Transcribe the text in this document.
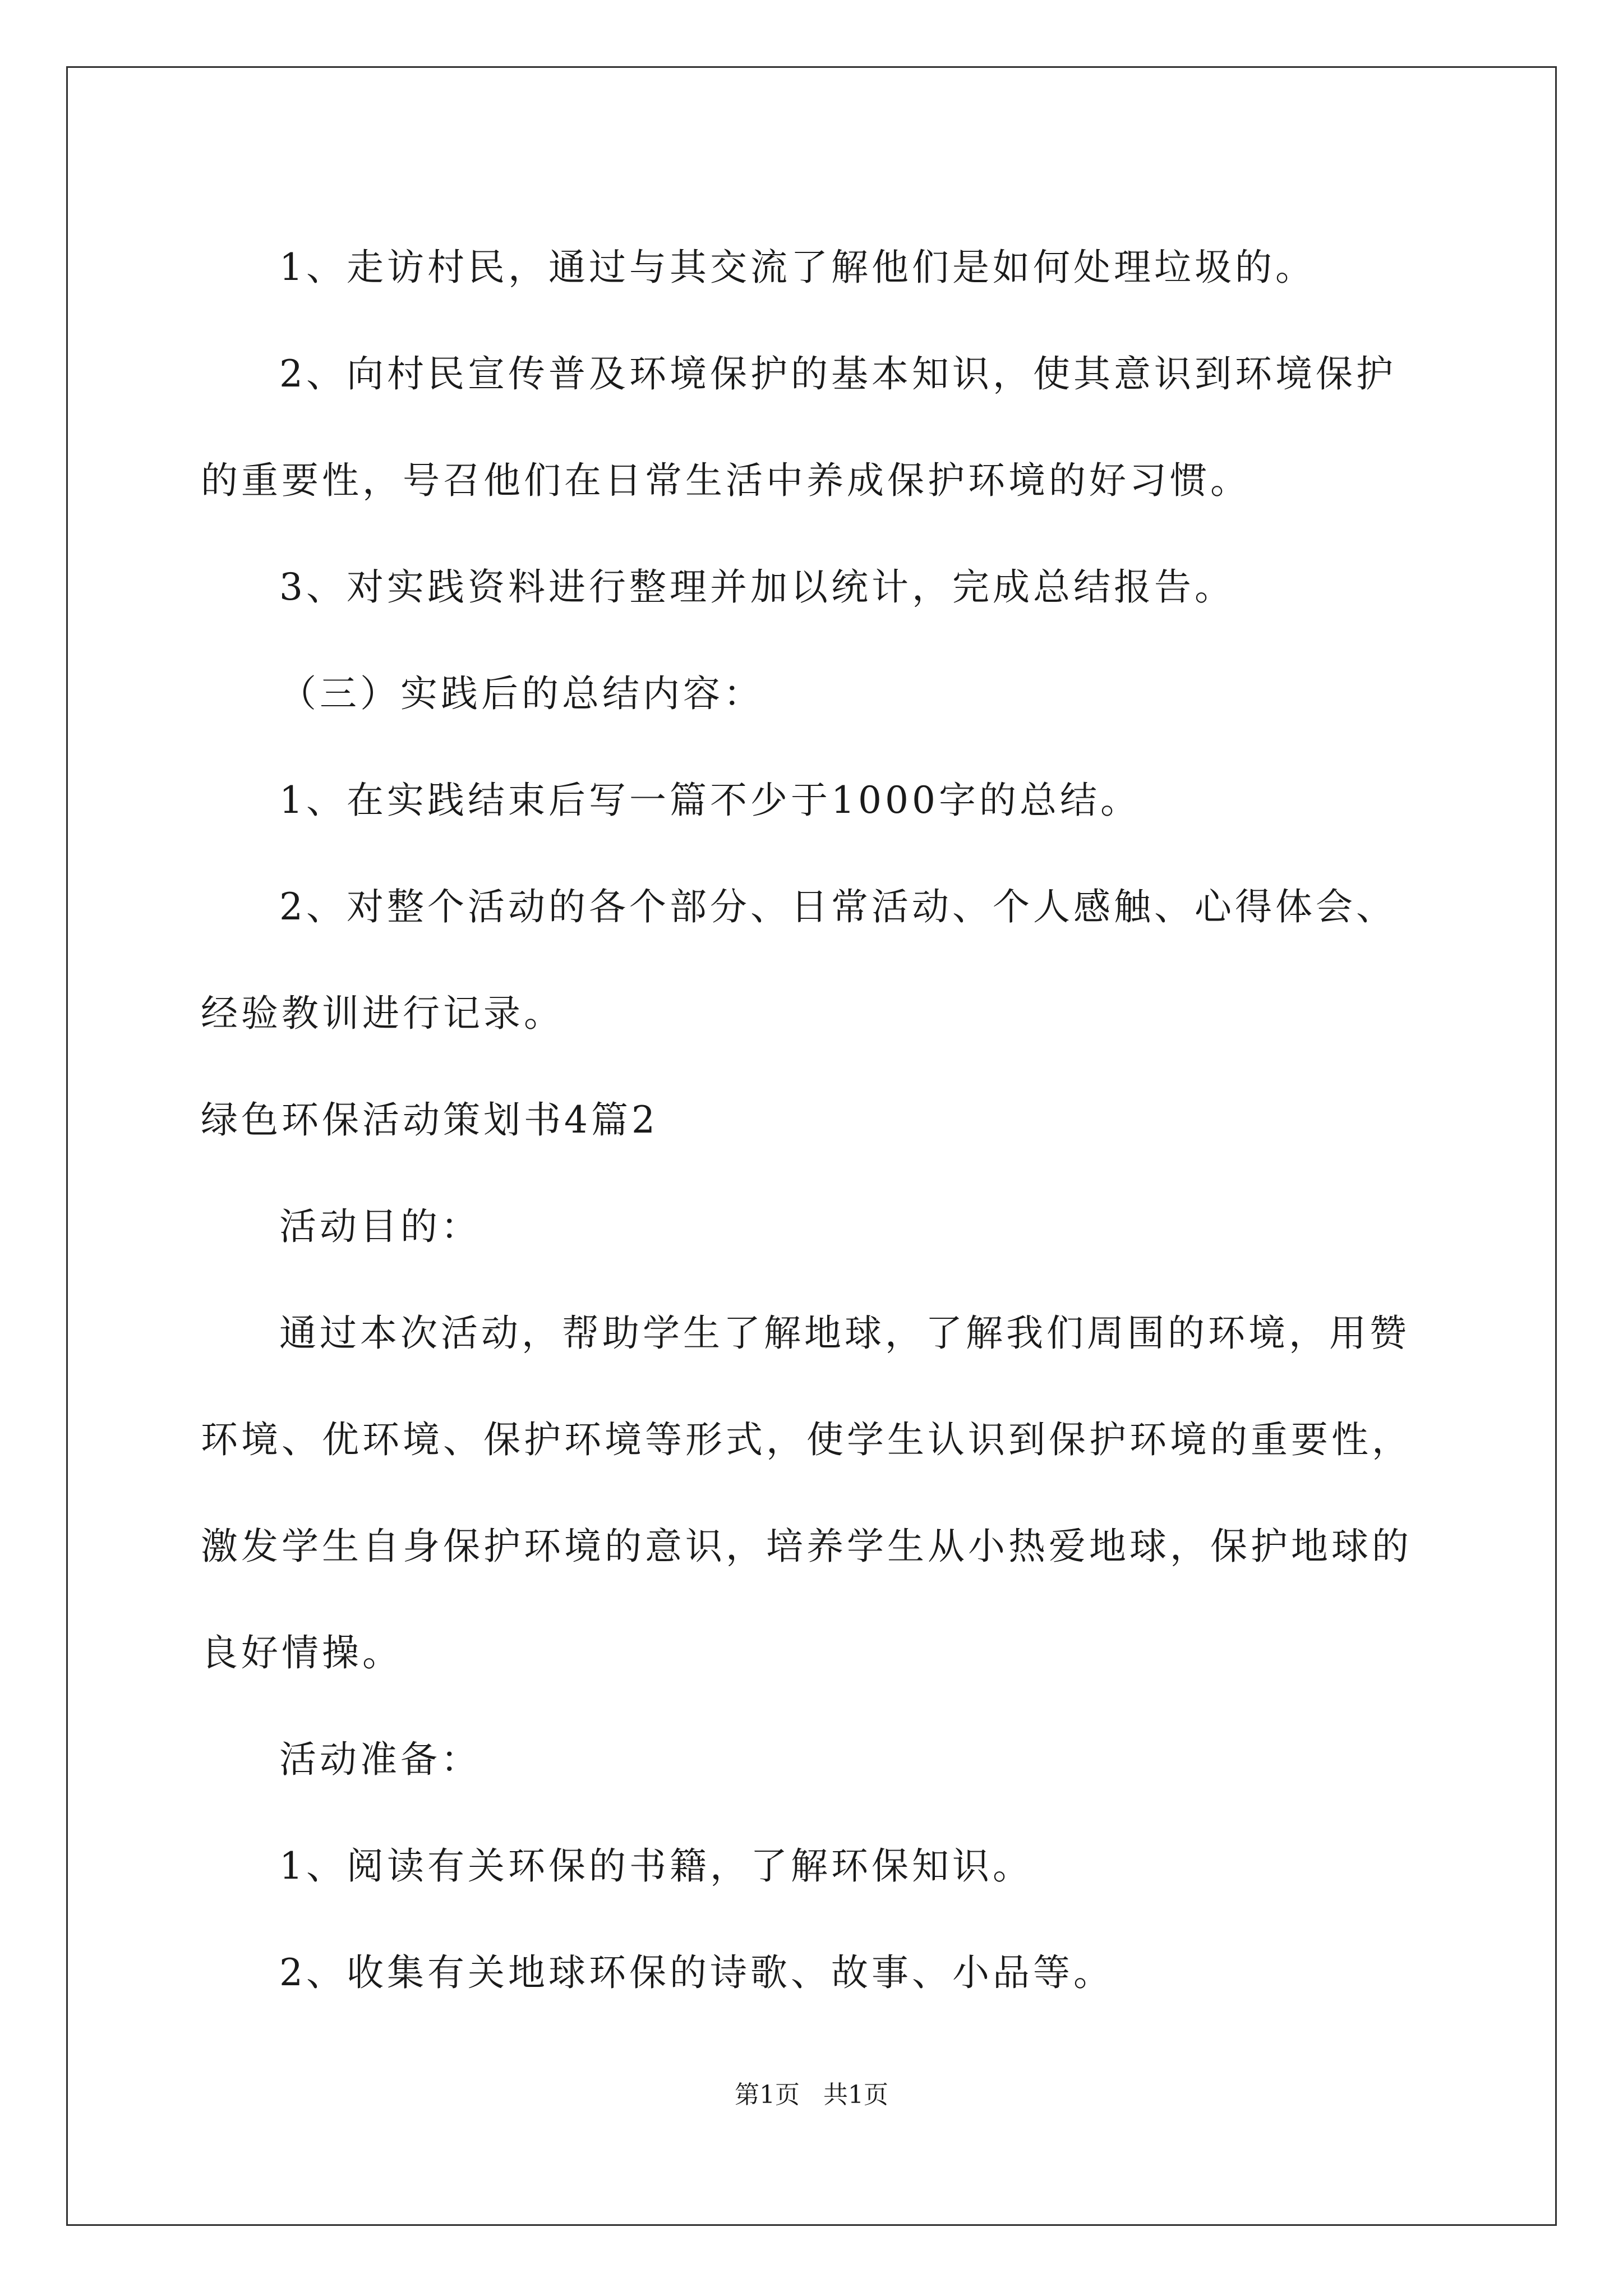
1、走访村民，通过与其交流了解他们是如何处理垃圾的。

2、向村民宣传普及环境保护的基本知识，使其意识到环境保护的重要性，号召他们在日常生活中养成保护环境的好习惯。

3、对实践资料进行整理并加以统计，完成总结报告。

（三）实践后的总结内容：

1、在实践结束后写一篇不少于1000字的总结。

2、对整个活动的各个部分、日常活动、个人感触、心得体会、经验教训进行记录。

绿色环保活动策划书4篇2

活动目的：

通过本次活动，帮助学生了解地球，了解我们周围的环境，用赞环境、优环境、保护环境等形式，使学生认识到保护环境的重要性，激发学生自身保护环境的意识，培养学生从小热爱地球，保护地球的良好情操。

活动准备：

1、阅读有关环保的书籍，了解环保知识。

2、收集有关地球环保的诗歌、故事、小品等。

第1页   共1页
